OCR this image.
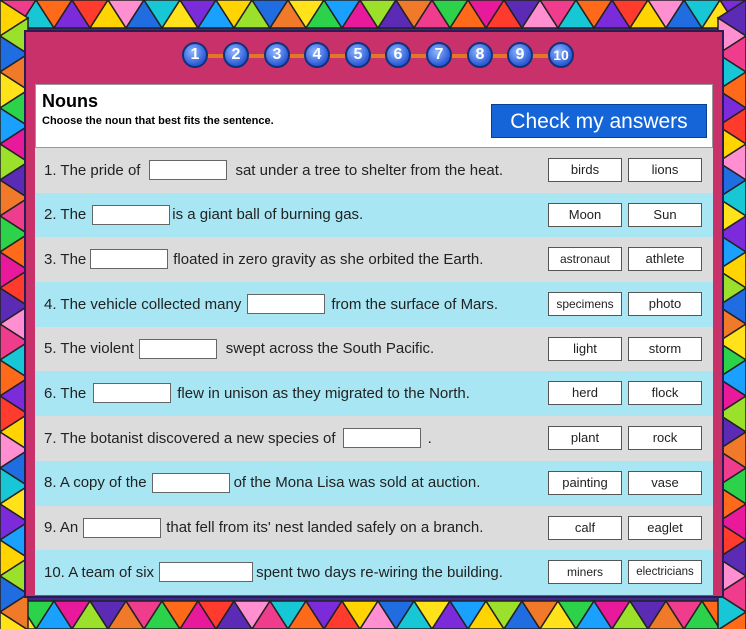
1	2	3	4	5	6	7	8	9	10
Nouns
Choose the noun that best fits the sentence.	Check my answers
1. The pride of	sat under a tree to shelter from the heat.	birds	lions
2. The	is a giant ball of burning gas.	Moon	Sun
3. The	floated in zero gravity as she orbited the Earth.	astronaut	athlete
4. The vehicle collected many	from the surface of Mars.	specimens	photo
5. The violent	swept across the South Pacific.	light	storm
6. The	flew in unison as they migrated to the North.	herd	flock
7. The botanist discovered a new species of	.	plant	rock
8. A copy of the	of the Mona Lisa was sold at auction.	painting	vase
9. An	that fell from its' nest landed safely on a branch.	calf	eaglet
10. A team of six	spent two days re-wiring the building.	miners	electricians
